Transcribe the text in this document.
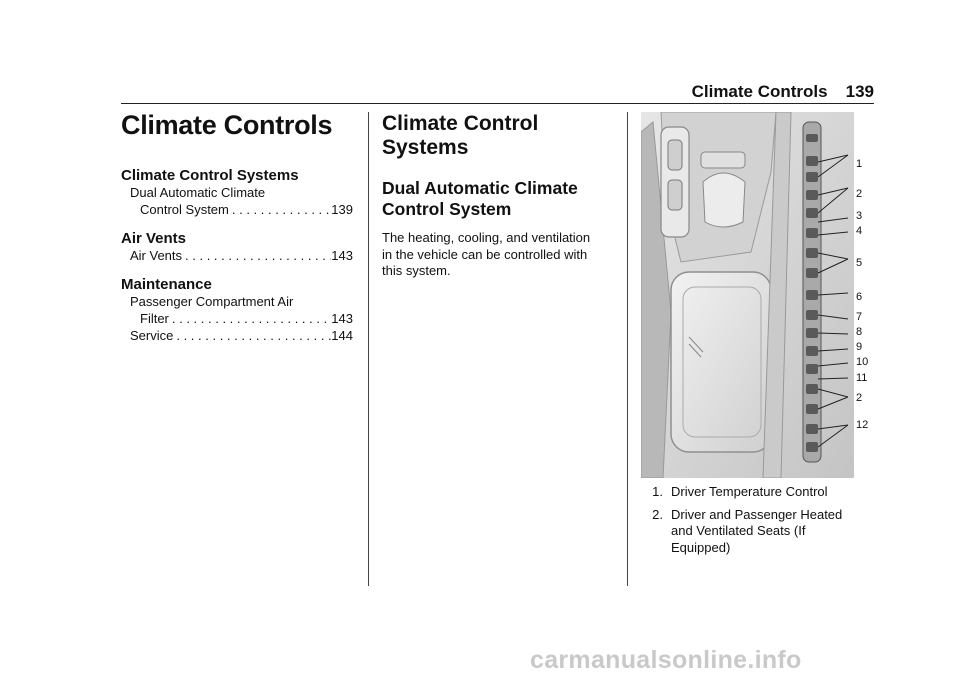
Climate Controls 139
Climate Controls
Climate Control Systems
Dual Automatic Climate
Control System . . .	139
Air Vents
Air Vents . . .	143
Maintenance
Passenger Compartment Air
Filter . . .	143
Service . . .	144
Climate Control
Systems
Dual Automatic Climate
Control System

The heating, cooling, and ventilation
in the vehicle can be controlled with
this system.

1
2
3
4
5
6
7
8
9
10
11
2
12
1. Driver Temperature Control
2. Driver and Passenger Heated
and Ventilated Seats (If
Equipped)
carmanualsonline.info
